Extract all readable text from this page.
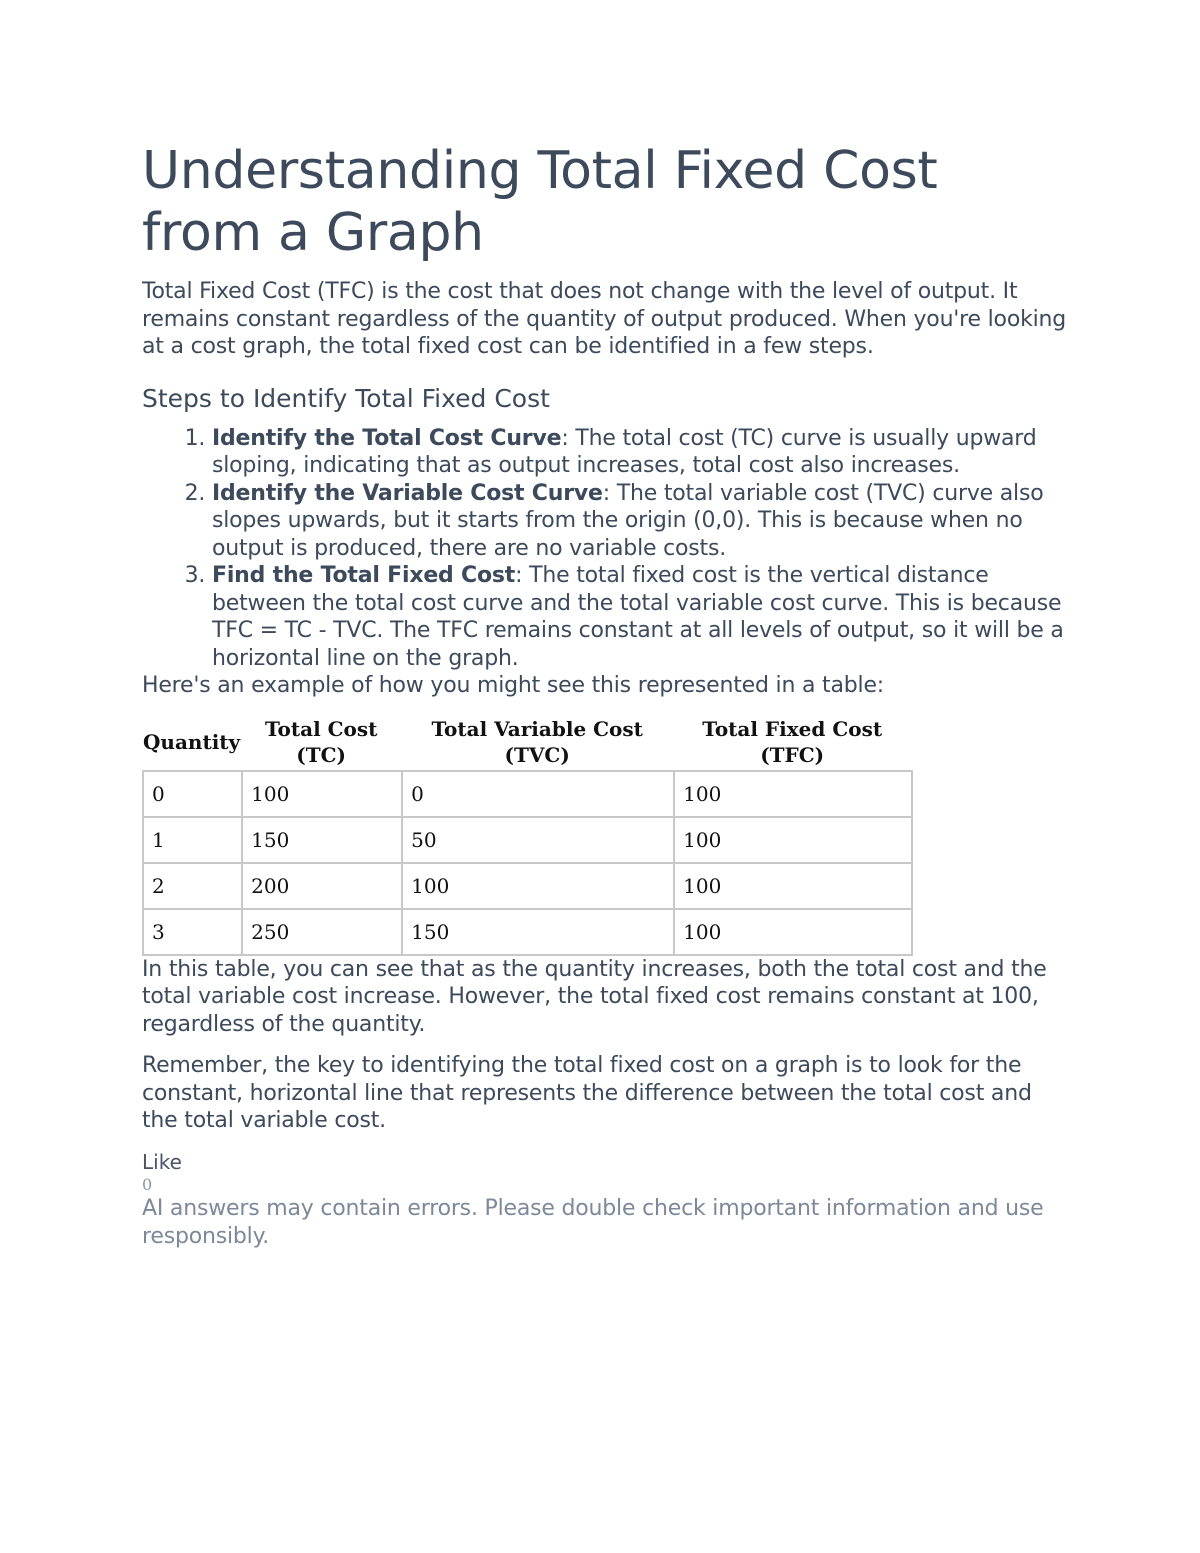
Understanding Total Fixed Cost from a Graph

Total Fixed Cost (TFC) is the cost that does not change with the level of output. It remains constant regardless of the quantity of output produced. When you're looking at a cost graph, the total fixed cost can be identified in a few steps.

Steps to Identify Total Fixed Cost
1. Identify the Total Cost Curve: The total cost (TC) curve is usually upward sloping, indicating that as output increases, total cost also increases.
2. Identify the Variable Cost Curve: The total variable cost (TVC) curve also slopes upwards, but it starts from the origin (0,0). This is because when no output is produced, there are no variable costs.
3. Find the Total Fixed Cost: The total fixed cost is the vertical distance between the total cost curve and the total variable cost curve. This is because TFC = TC - TVC. The TFC remains constant at all levels of output, so it will be a horizontal line on the graph.

Here's an example of how you might see this represented in a table:

Quantity	Total Cost (TC)	Total Variable Cost (TVC)	Total Fixed Cost (TFC)
0	100	0	100
1	150	50	100
2	200	100	100
3	250	150	100

In this table, you can see that as the quantity increases, both the total cost and the total variable cost increase. However, the total fixed cost remains constant at 100, regardless of the quantity.

Remember, the key to identifying the total fixed cost on a graph is to look for the constant, horizontal line that represents the difference between the total cost and the total variable cost.

Like
0
AI answers may contain errors. Please double check important information and use responsibly.
